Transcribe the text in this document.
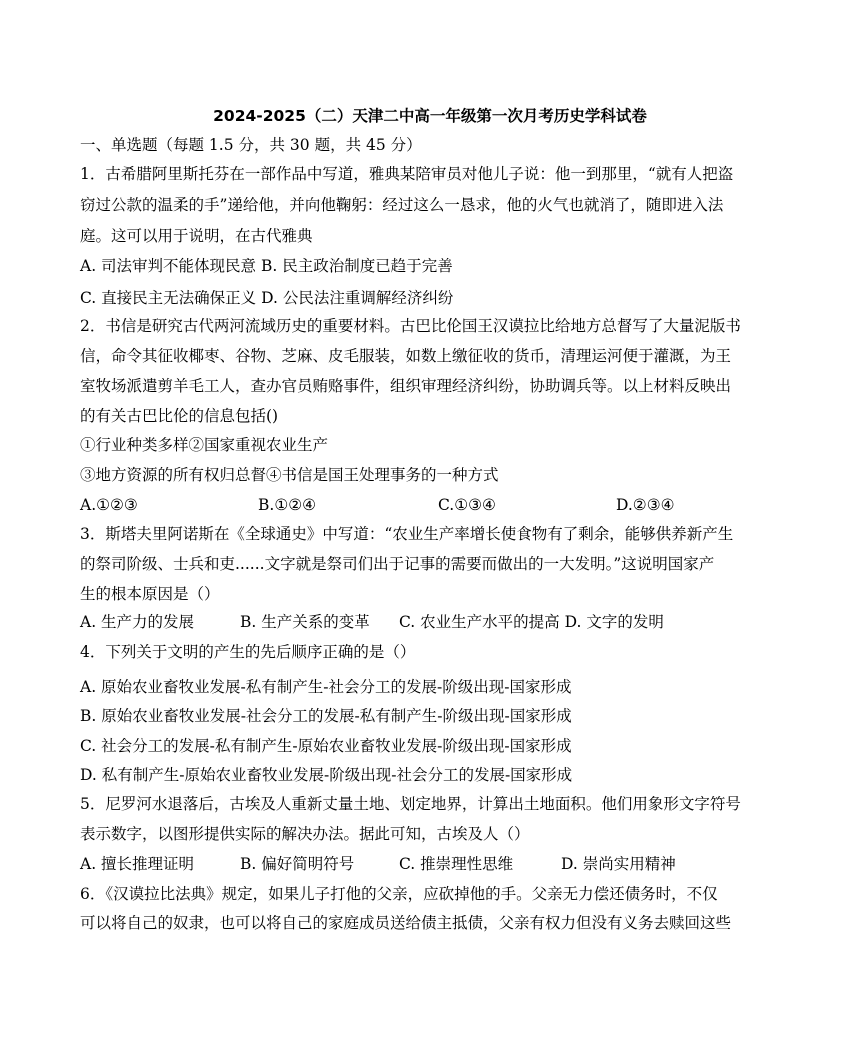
2024-2025（二）天津二中高一年级第一次月考历史学科试卷
一、单选题（每题 1.5 分，共 30 题，共 45 分）
1．古希腊阿里斯托芬在一部作品中写道，雅典某陪审员对他儿子说：他一到那里，“就有人把盗
窃过公款的温柔的手”递给他，并向他鞠躬：经过这么一恳求，他的火气也就消了，随即进入法
庭。这可以用于说明，在古代雅典
A. 司法审判不能体现民意 B. 民主政治制度已趋于完善
C. 直接民主无法确保正义 D. 公民法注重调解经济纠纷
2．书信是研究古代两河流域历史的重要材料。古巴比伦国王汉谟拉比给地方总督写了大量泥版书
信，命令其征收椰枣、谷物、芝麻、皮毛服装，如数上缴征收的货币，清理运河便于灌溉，为王
室牧场派遣剪羊毛工人，查办官员贿赂事件，组织审理经济纠纷，协助调兵等。以上材料反映出
的有关古巴比伦的信息包括()
①行业种类多样②国家重视农业生产
③地方资源的所有权归总督④书信是国王处理事务的一种方式
A.①②③	B.①②④	C.①③④	D.②③④
3．斯塔夫里阿诺斯在《全球通史》中写道：“农业生产率增长使食物有了剩余，能够供养新产生
的祭司阶级、士兵和吏......文字就是祭司们出于记事的需要而做出的一大发明。”这说明国家产
生的根本原因是（）
A. 生产力的发展	B. 生产关系的变革 C. 农业生产水平的提高 D. 文字的发明
4．下列关于文明的产生的先后顺序正确的是（）
A. 原始农业畜牧业发展-私有制产生-社会分工的发展-阶级出现-国家形成
B. 原始农业畜牧业发展-社会分工的发展-私有制产生-阶级出现-国家形成
C. 社会分工的发展-私有制产生-原始农业畜牧业发展-阶级出现-国家形成
D. 私有制产生-原始农业畜牧业发展-阶级出现-社会分工的发展-国家形成
5．尼罗河水退落后，古埃及人重新丈量土地、划定地界，计算出土地面积。他们用象形文字符号
表示数字，以图形提供实际的解决办法。据此可知，古埃及人（）
A. 擅长推理证明	B. 偏好简明符号	C. 推崇理性思维	D. 崇尚实用精神
6．《汉谟拉比法典》规定，如果儿子打他的父亲，应砍掉他的手。父亲无力偿还债务时，不仅
可以将自己的奴隶，也可以将自己的家庭成员送给债主抵债，父亲有权力但没有义务去赎回这些
